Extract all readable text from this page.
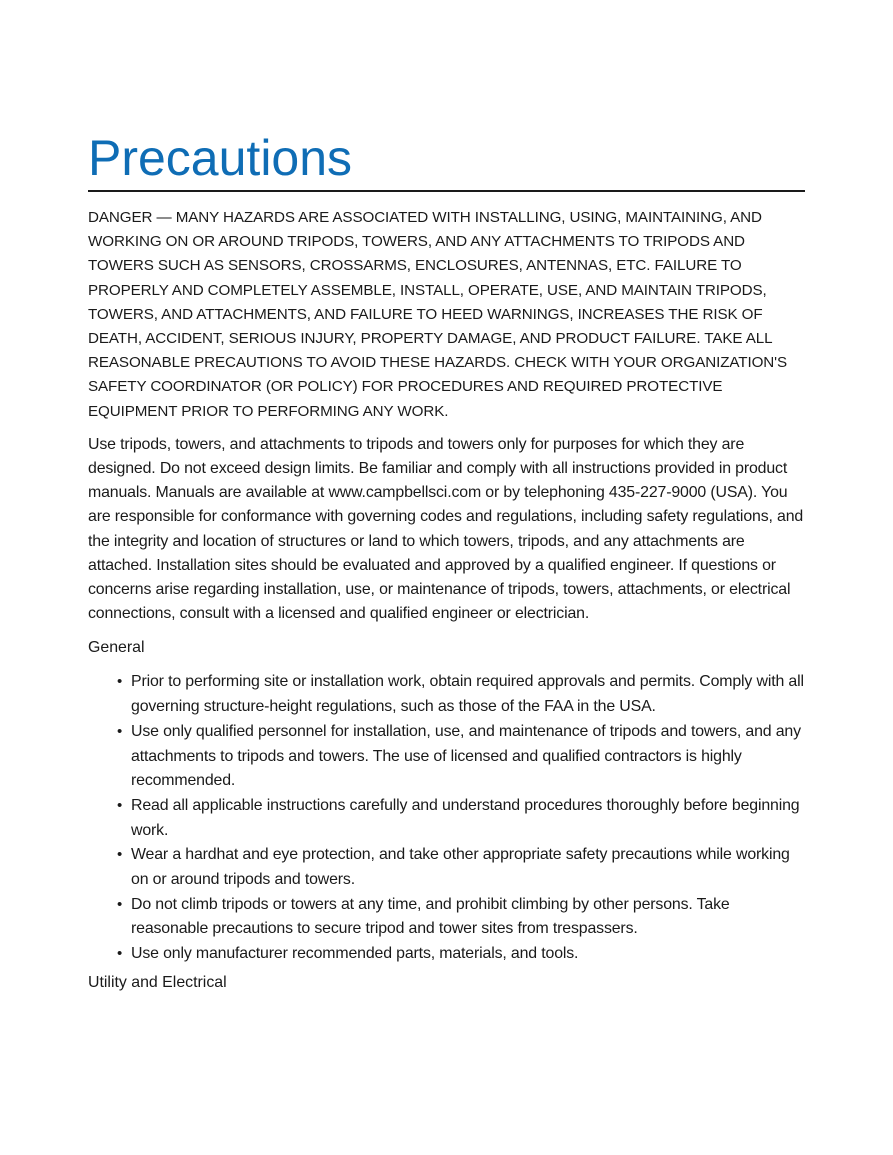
Precautions

DANGER — MANY HAZARDS ARE ASSOCIATED WITH INSTALLING, USING, MAINTAINING, AND WORKING ON OR AROUND TRIPODS, TOWERS, AND ANY ATTACHMENTS TO TRIPODS AND TOWERS SUCH AS SENSORS, CROSSARMS, ENCLOSURES, ANTENNAS, ETC. FAILURE TO PROPERLY AND COMPLETELY ASSEMBLE, INSTALL, OPERATE, USE, AND MAINTAIN TRIPODS, TOWERS, AND ATTACHMENTS, AND FAILURE TO HEED WARNINGS, INCREASES THE RISK OF DEATH, ACCIDENT, SERIOUS INJURY, PROPERTY DAMAGE, AND PRODUCT FAILURE. TAKE ALL REASONABLE PRECAUTIONS TO AVOID THESE HAZARDS. CHECK WITH YOUR ORGANIZATION'S SAFETY COORDINATOR (OR POLICY) FOR PROCEDURES AND REQUIRED PROTECTIVE EQUIPMENT PRIOR TO PERFORMING ANY WORK.

Use tripods, towers, and attachments to tripods and towers only for purposes for which they are designed. Do not exceed design limits. Be familiar and comply with all instructions provided in product manuals. Manuals are available at www.campbellsci.com or by telephoning 435-227-9000 (USA). You are responsible for conformance with governing codes and regulations, including safety regulations, and the integrity and location of structures or land to which towers, tripods, and any attachments are attached. Installation sites should be evaluated and approved by a qualified engineer. If questions or concerns arise regarding installation, use, or maintenance of tripods, towers, attachments, or electrical connections, consult with a licensed and qualified engineer or electrician.

General
• Prior to performing site or installation work, obtain required approvals and permits. Comply with all governing structure-height regulations, such as those of the FAA in the USA.
• Use only qualified personnel for installation, use, and maintenance of tripods and towers, and any attachments to tripods and towers. The use of licensed and qualified contractors is highly recommended.
• Read all applicable instructions carefully and understand procedures thoroughly before beginning work.
• Wear a hardhat and eye protection, and take other appropriate safety precautions while working on or around tripods and towers.
• Do not climb tripods or towers at any time, and prohibit climbing by other persons. Take reasonable precautions to secure tripod and tower sites from trespassers.
• Use only manufacturer recommended parts, materials, and tools.
Utility and Electrical
